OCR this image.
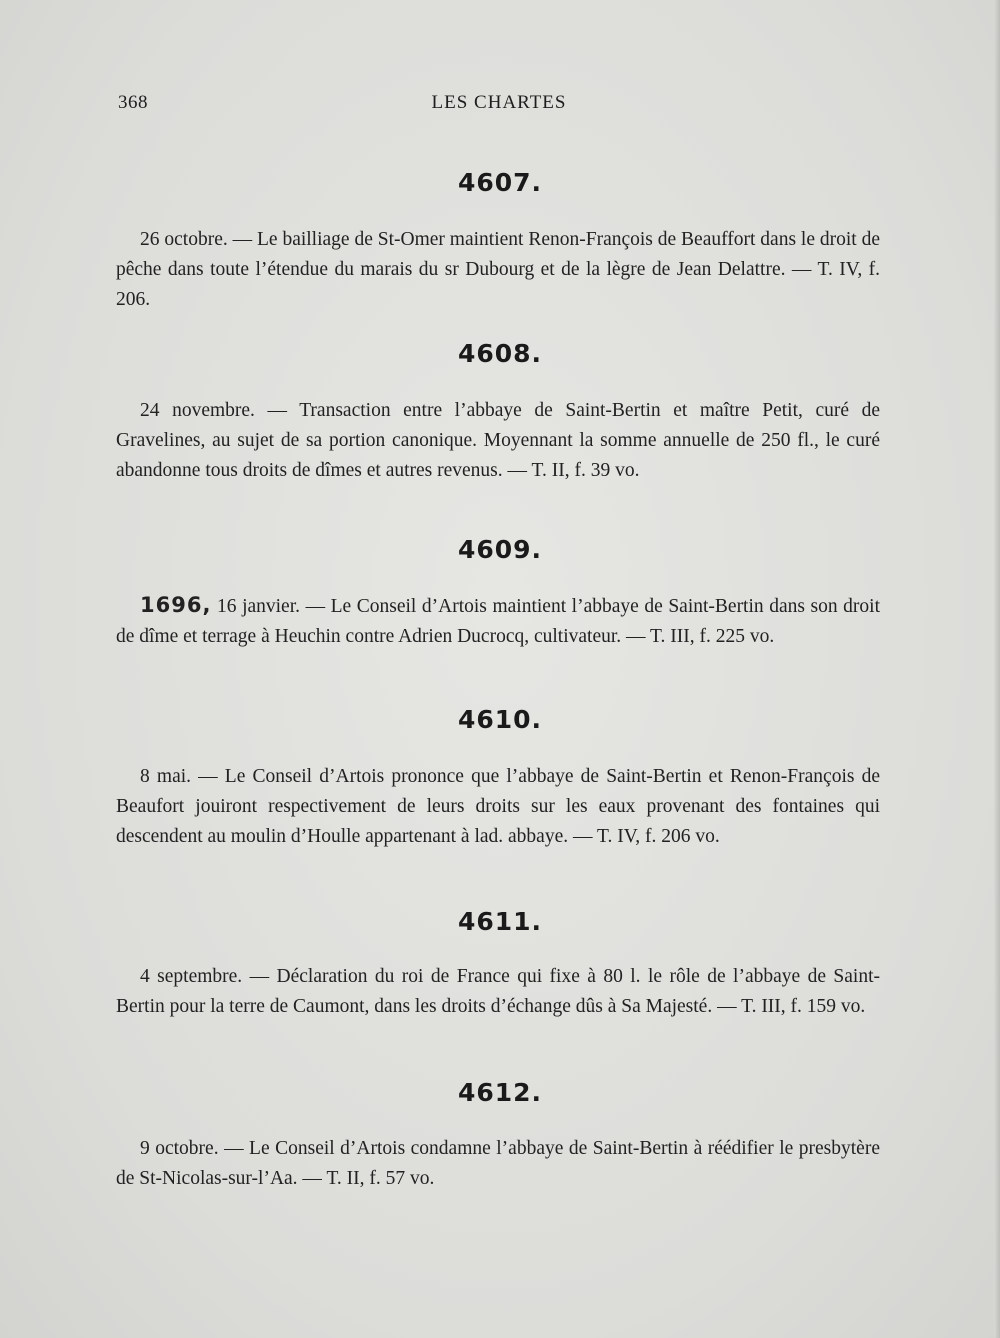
368	LES CHARTES
4607.

26 octobre. — Le bailliage de St-Omer maintient Renon-François de Beauffort dans le droit de pêche dans toute l’étendue du marais du sr Dubourg et de la lègre de Jean Delattre. — T. IV, f. 206.

4608.

24 novembre. — Transaction entre l’abbaye de Saint-Bertin et maître Petit, curé de Gravelines, au sujet de sa portion canonique. Moyennant la somme annuelle de 250 fl., le curé abandonne tous droits de dîmes et autres revenus. — T. II, f. 39 vo.

4609.

1696, 16 janvier. — Le Conseil d’Artois maintient l’abbaye de Saint-Bertin dans son droit de dîme et terrage à Heuchin contre Adrien Ducrocq, cultivateur. — T. III, f. 225 vo.

4610.

8 mai. — Le Conseil d’Artois prononce que l’abbaye de Saint-Bertin et Renon-François de Beaufort jouiront respectivement de leurs droits sur les eaux provenant des fontaines qui descendent au moulin d’Houlle appartenant à lad. abbaye. — T. IV, f. 206 vo.

4611.

4 septembre. — Déclaration du roi de France qui fixe à 80 l. le rôle de l’abbaye de Saint-Bertin pour la terre de Caumont, dans les droits d’échange dûs à Sa Majesté. — T. III, f. 159 vo.

4612.

9 octobre. — Le Conseil d’Artois condamne l’abbaye de Saint-Bertin à réédifier le presbytère de St-Nicolas-sur-l’Aa. — T. II, f. 57 vo.
